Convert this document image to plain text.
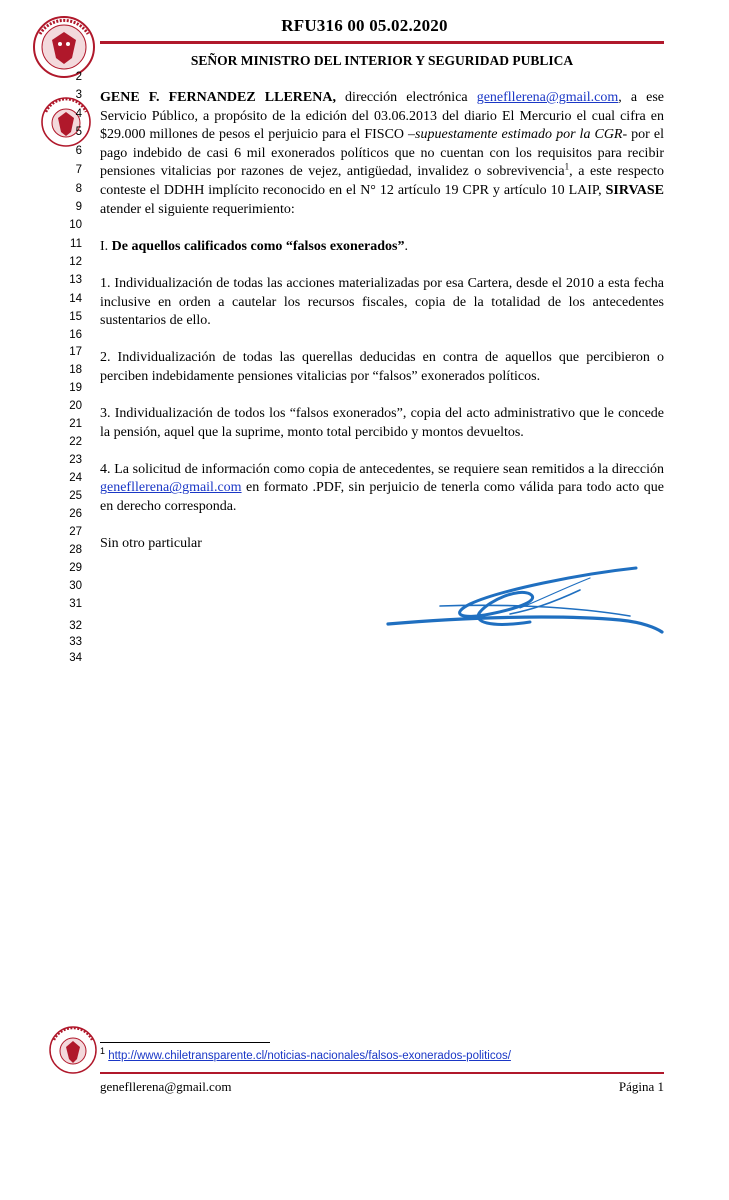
RFU316 00 05.02.2020
SEÑOR MINISTRO DEL INTERIOR Y SEGURIDAD PUBLICA
2
3
4
5
6
7
8
9
10
11
12
13
14
15
16
17
18
19
20
21
22
23
24
25
26
27
28
29
30
31
32
33
34

GENE F. FERNANDEZ LLERENA, dirección electrónica genefllerena@gmail.com, a ese Servicio Público, a propósito de la edición del 03.06.2013 del diario El Mercurio el cual cifra en $29.000 millones de pesos el perjuicio para el FISCO –supuestamente estimado por la CGR- por el pago indebido de casi 6 mil exonerados políticos que no cuentan con los requisitos para recibir pensiones vitalicias por razones de vejez, antigüedad, invalidez o sobrevivencia$^1$, a este respecto conteste el DDHH implícito reconocido en el N° 12 artículo 19 CPR y artículo 10 LAIP, SIRVASE atender el siguiente requerimiento:

I. De aquellos calificados como “falsos exonerados”.

1. Individualización de todas las acciones materializadas por esa Cartera, desde el 2010 a esta fecha inclusive en orden a cautelar los recursos fiscales, copia de la totalidad de los antecedentes sustentarios de ello.

2. Individualización de todas las querellas deducidas en contra de aquellos que percibieron o perciben indebidamente pensiones vitalicias por “falsos” exonerados políticos.

3. Individualización de todos los “falsos exonerados”, copia del acto administrativo que le concede la pensión, aquel que la suprime, monto total percibido y montos devueltos.

4. La solicitud de información como copia de antecedentes, se requiere sean remitidos a la dirección genefllerena@gmail.com en formato .PDF, sin perjuicio de tenerla como válida para todo acto que en derecho corresponda.

Sin otro particular

$^1$ http://www.chiletransparente.cl/noticias-nacionales/falsos-exonerados-politicos/
genefllerena@gmail.com	Página 1
